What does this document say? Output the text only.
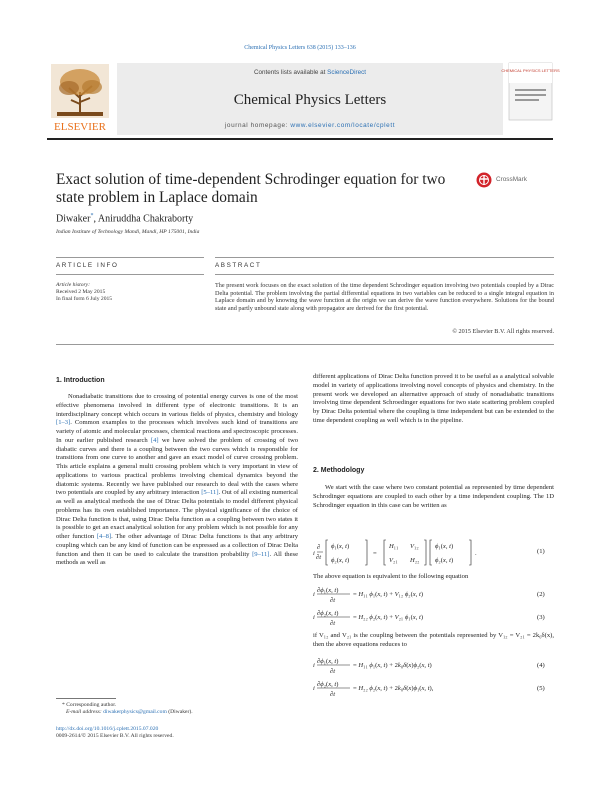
Chemical Physics Letters 638 (2015) 133–136
Contents lists available at ScienceDirect
Chemical Physics Letters
journal homepage: www.elsevier.com/locate/cplett
ELSEVIER
CHEMICAL PHYSICS LETTERS
Exact solution of time-dependent Schrodinger equation for two state problem in Laplace domain
CrossMark
Diwaker*, Aniruddha Chakraborty
Indian Institute of Technology Mandi, Mandi, HP 175001, India
ARTICLE INFO	ABSTRACT
Article history:
Received 2 May 2015
In final form 6 July 2015
The present work focuses on the exact solution of the time dependent Schrodinger equation involving two potentials coupled by a Dirac Delta potential. The problem involving the partial differential equations in two variables can be reduced to a single integral equation in Laplace domain and by knowing the wave function at the origin we can derive the wave function everywhere. Solutions for the bound state and partly unbound state along with propagator are derived for the first potential.
© 2015 Elsevier B.V. All rights reserved.
1. Introduction
Nonadiabatic transitions due to crossing of potential energy curves is one of the most effective phenomena involved in different type of electronic transitions. It is an interdisciplinary concept which occurs in various fields of physics, chemistry and biology [1–3]. Common examples to the processes which involves such kind of transitions are variety of atomic and molecular processes, chemical reactions and spectroscopic processes. In our earlier published research [4] we have solved the problem of crossing of two diabatic curves and there is a coupling between the two curves which is responsible for transitions from one curve to another and gave an exact model of curve crossing problem. This article explains a general multi crossing problem which is very important in view of applications to various practical problems involving chemical dynamics beyond the diatomic systems. Recently we have published our research to deal with the cases where two potentials are coupled by any arbitrary interaction [5–11]. Out of all existing numerical as well as analytical methods the use of Dirac Delta potentials to model different physical problems has its own established importance. The physical significance of the choice of Dirac Delta function is that, using Dirac Delta function as a coupling between two states it is possible to get an exact analytical solution for any problem which is not possible for any other function [4–8]. The other advantage of Dirac Delta functions is that any arbitrary coupling which can be any kind of function can be expressed as a collection of Dirac Delta function and then it can be used to calculate the transition probability [9–11]. All these methods as well as
* Corresponding author.
E-mail address: diwakerphysics@gmail.com (Diwaker).
http://dx.doi.org/10.1016/j.cplett.2015.07.020
0009-2614/© 2015 Elsevier B.V. All rights reserved.
different applications of Dirac Delta function proved it to be useful as a analytical solvable model in variety of applications involving novel concepts of physics and chemistry. In the present work we developed an alternative approach of study of nonadiabatic transitions involving time dependent Schroedinger equations for two state scattering problem coupled by Dirac Delta potential where the coupling is time independent but can be extended to the time dependent coupling as well which is in the pipeline.
2. Methodology
We start with the case where two constant potential as represented by time dependent Schrodinger equations are coupled to each other by a time independent coupling. The 1D Schrodinger equation in this case can be written as
i
∂
∂t
ϕ₁(x, t)
ϕ₂(x, t)
=
H₁₁ V₁₂
V₂₁ H₂₂
ϕ₁(x, t)
ϕ₂(x, t)
.	(1)
The above equation is equivalent to the following equation
i
∂ϕ₁(x, t)
∂t
= H₁₁ ϕ₁(x, t) + V₁₂ ϕ₂(x, t)	(2)
i
∂ϕ₂(x, t)
∂t
= H₂₂ ϕ₂(x, t) + V₂₁ ϕ₁(x, t)	(3)
if V₁₂ and V₂₁ is the coupling between the potentials represented by V₁₂ = V₂₁ = 2k₀δ(x), then the above equations reduces to
i
∂ϕ₁(x, t)
∂t
= H₁₁ ϕ₁(x, t) + 2k₀δ(x)ϕ₂(x, t)	(4)
i
∂ϕ₂(x, t)
∂t
= H₂₂ ϕ₂(x, t) + 2k₀δ(x)ϕ₁(x, t),	(5)
